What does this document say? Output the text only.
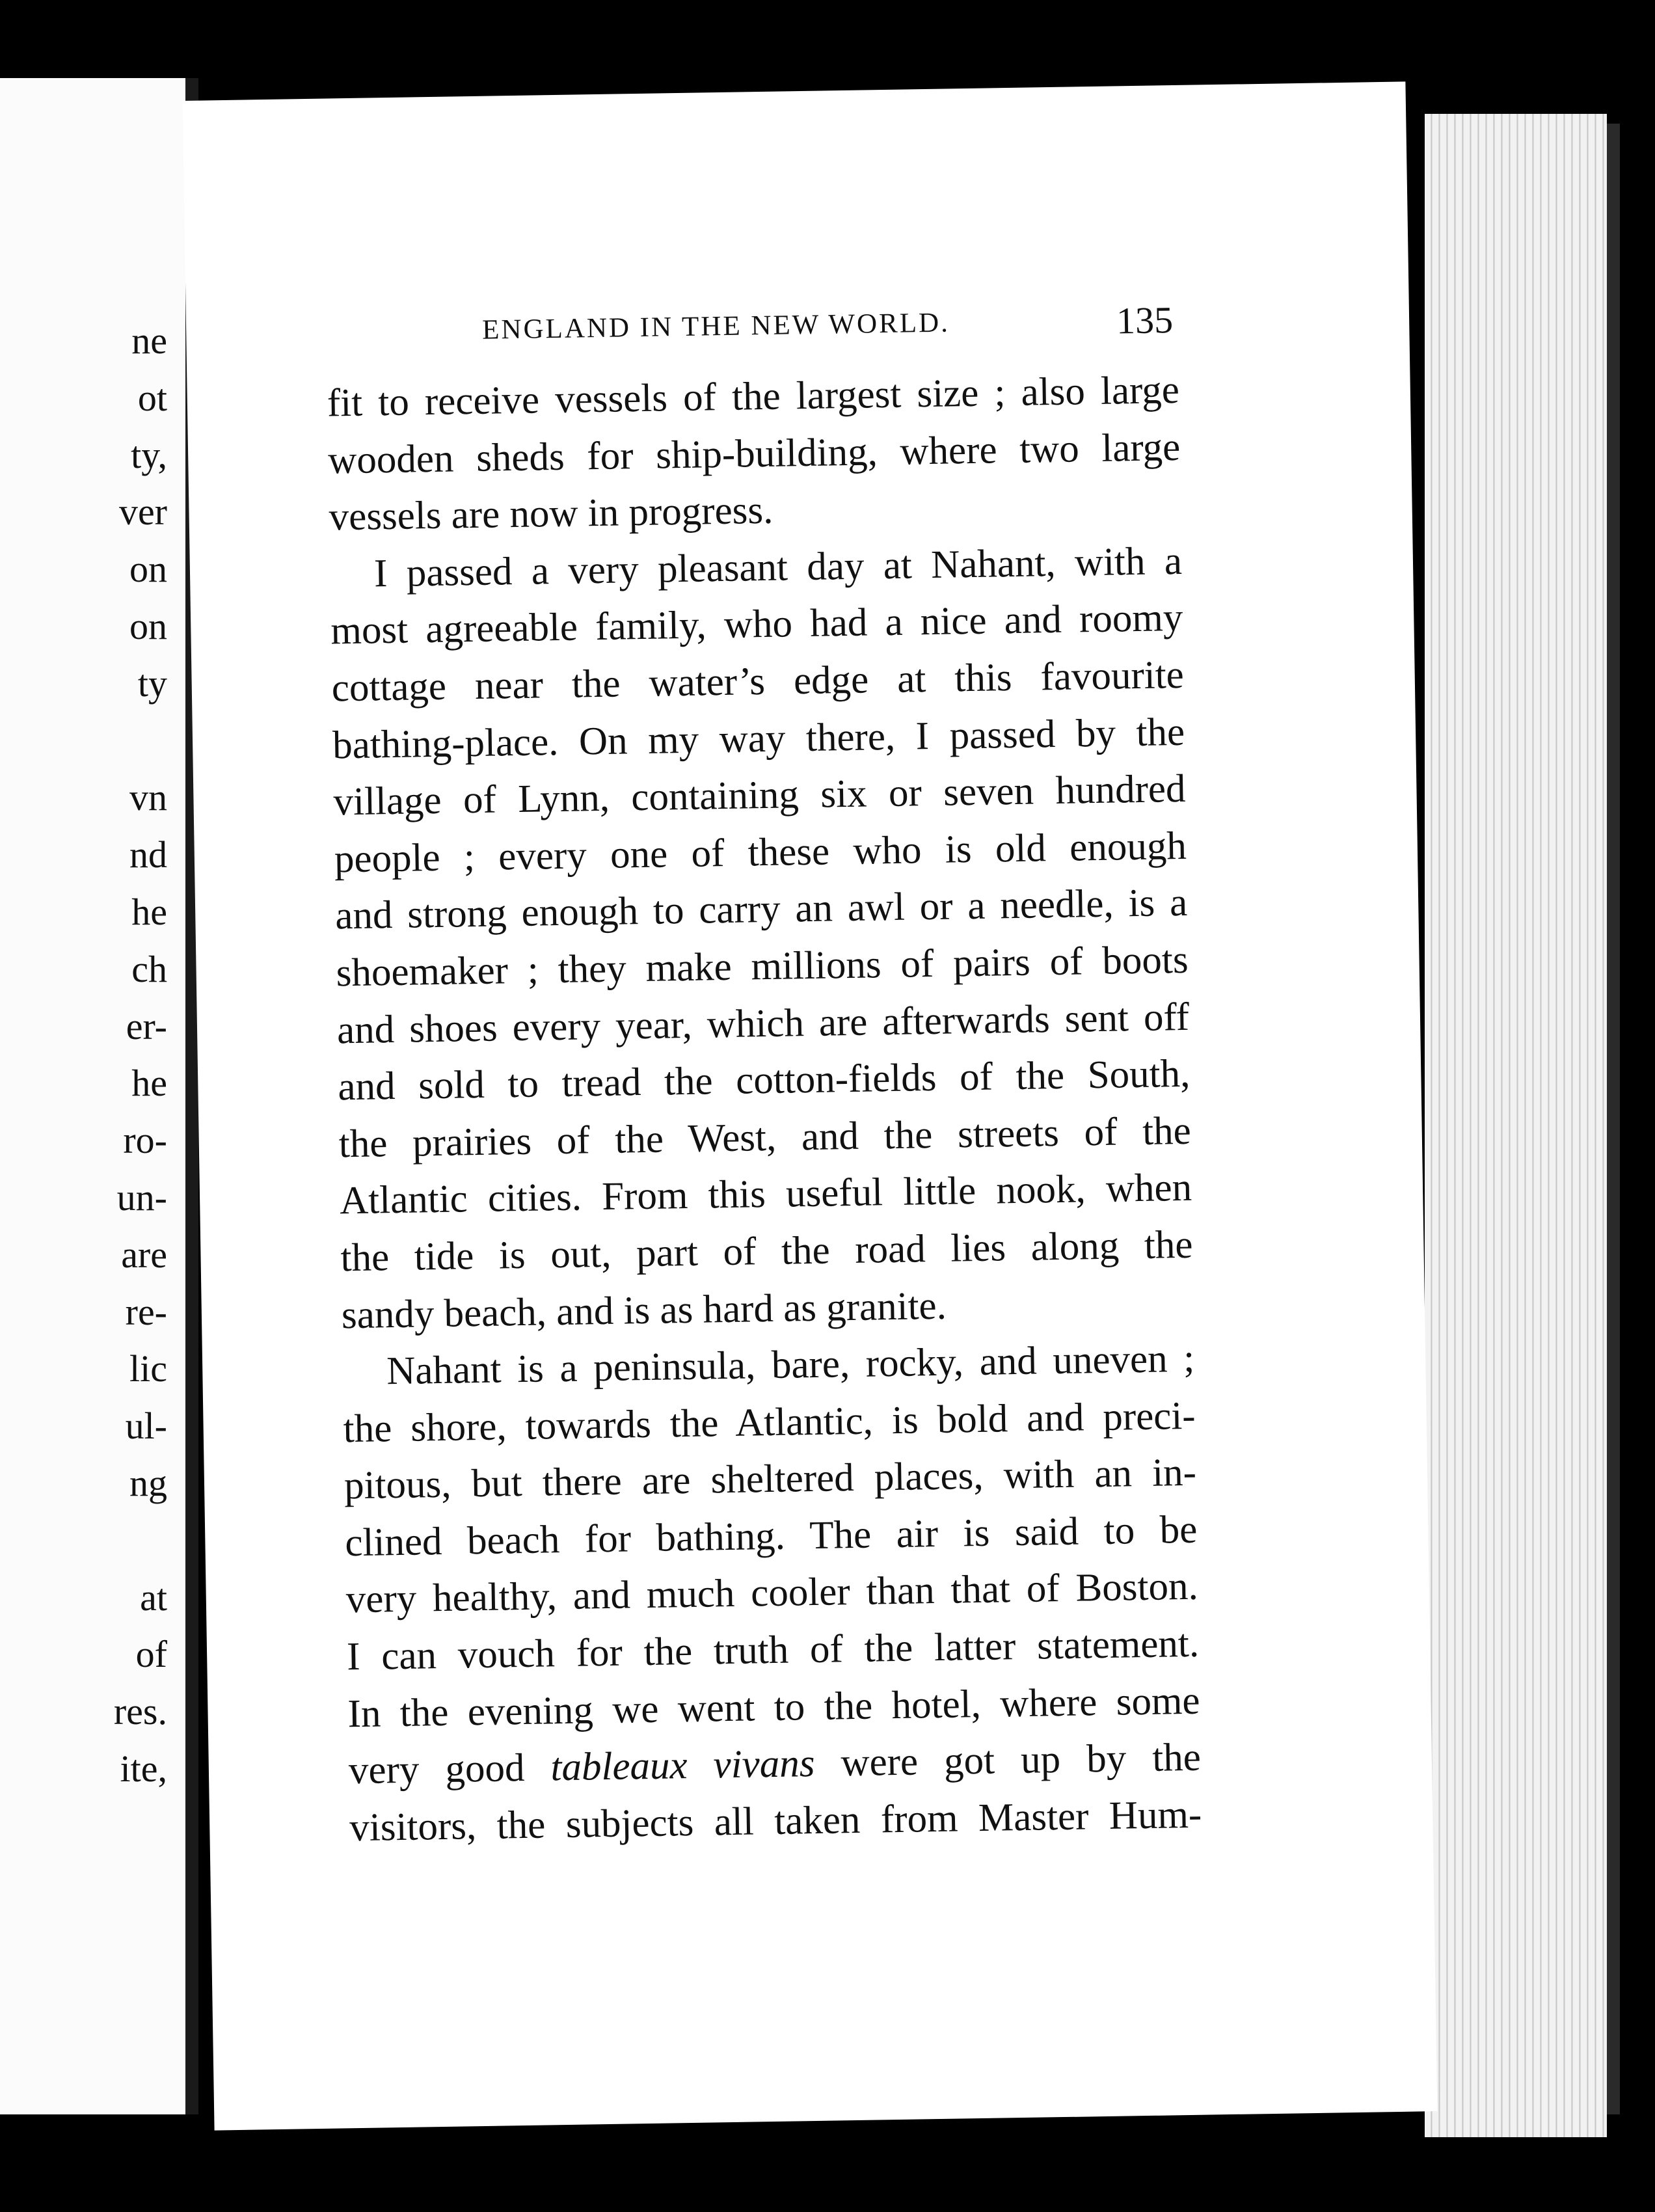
ne
ot
ty,
ver
on
on
ty
vn
nd
he
ch
er-
he
ro-
un-
are
re-
lic
ul-
ng
at
of
res.
ite,
ENGLAND IN THE NEW WORLD.	135
fit to receive vessels of the largest size ; also large
wooden sheds for ship-building, where two large
vessels are now in progress.
I passed a very pleasant day at Nahant, with a
most agreeable family, who had a nice and roomy
cottage near the water’s edge at this favourite
bathing-place. On my way there, I passed by the
village of Lynn, containing six or seven hundred
people ; every one of these who is old enough
and strong enough to carry an awl or a needle, is a
shoemaker ; they make millions of pairs of boots
and shoes every year, which are afterwards sent off
and sold to tread the cotton-fields of the South,
the prairies of the West, and the streets of the
Atlantic cities. From this useful little nook, when
the tide is out, part of the road lies along the
sandy beach, and is as hard as granite.
Nahant is a peninsula, bare, rocky, and uneven ;
the shore, towards the Atlantic, is bold and preci-
pitous, but there are sheltered places, with an in-
clined beach for bathing. The air is said to be
very healthy, and much cooler than that of Boston.
I can vouch for the truth of the latter statement.
In the evening we went to the hotel, where some
very good tableaux vivans were got up by the
visitors, the subjects all taken from Master Hum-
